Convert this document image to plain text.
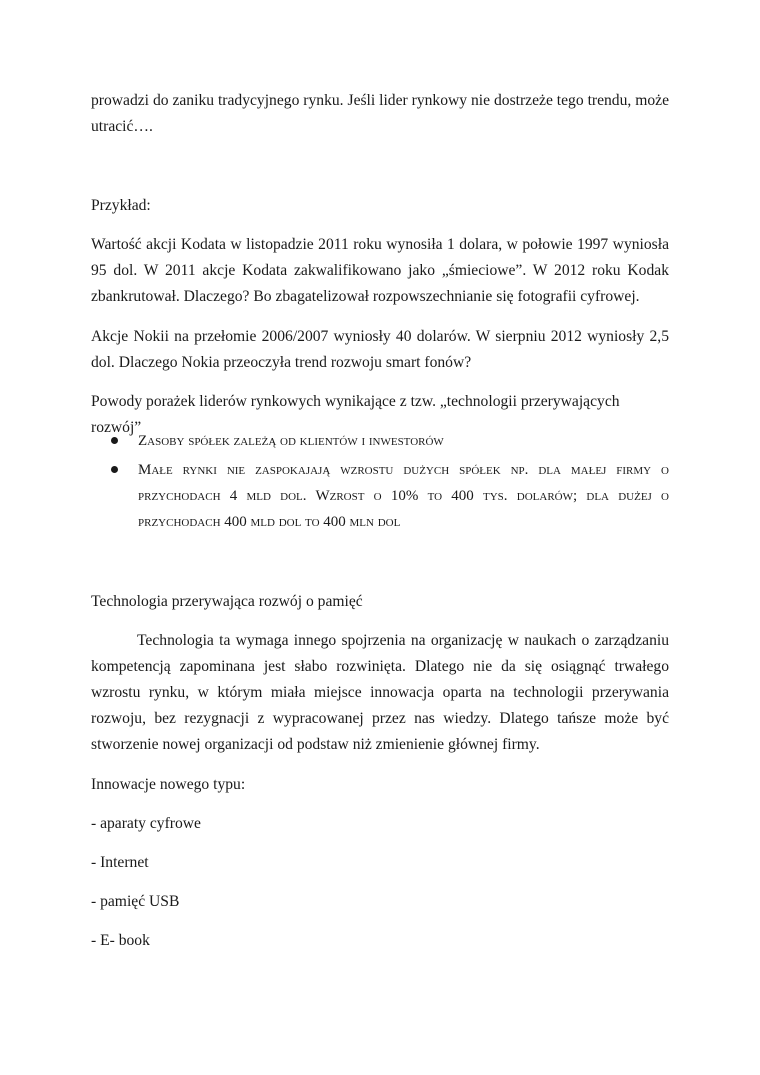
prowadzi do zaniku tradycyjnego rynku. Jeśli lider rynkowy nie dostrzeże tego trendu, może utracić….

Przykład:

Wartość akcji Kodata w listopadzie 2011 roku wynosiła 1 dolara, w połowie 1997 wyniosła 95 dol. W 2011 akcje Kodata zakwalifikowano jako „śmieciowe”. W 2012 roku Kodak zbankrutował. Dlaczego? Bo zbagatelizował rozpowszechnianie się fotografii cyfrowej.

Akcje Nokii na przełomie 2006/2007 wyniosły 40 dolarów. W sierpniu 2012 wyniosły 2,5 dol. Dlaczego Nokia przeoczyła trend rozwoju smart fonów?

Powody porażek liderów rynkowych wynikające z tzw. „technologii przerywających rozwój”

Zasoby spółek zależą od klientów i inwestorów
Małe rynki nie zaspokajają wzrostu dużych spółek np. dla małej firmy o przychodach 4 mld dol. Wzrost o 10% to 400 tys. dolarów; dla dużej o przychodach 400 mld dol to 400 mln dol

Technologia przerywająca rozwój o pamięć

Technologia ta wymaga innego spojrzenia na organizację w naukach o zarządzaniu kompetencją zapominana jest słabo rozwinięta. Dlatego nie da się osiągnąć trwałego wzrostu rynku, w którym miała miejsce innowacja oparta na technologii przerywania rozwoju, bez rezygnacji z wypracowanej przez nas wiedzy. Dlatego tańsze może być stworzenie nowej organizacji od podstaw niż zmienienie głównej firmy.

Innowacje nowego typu:

- aparaty cyfrowe

- Internet

- pamięć USB

- E- book
